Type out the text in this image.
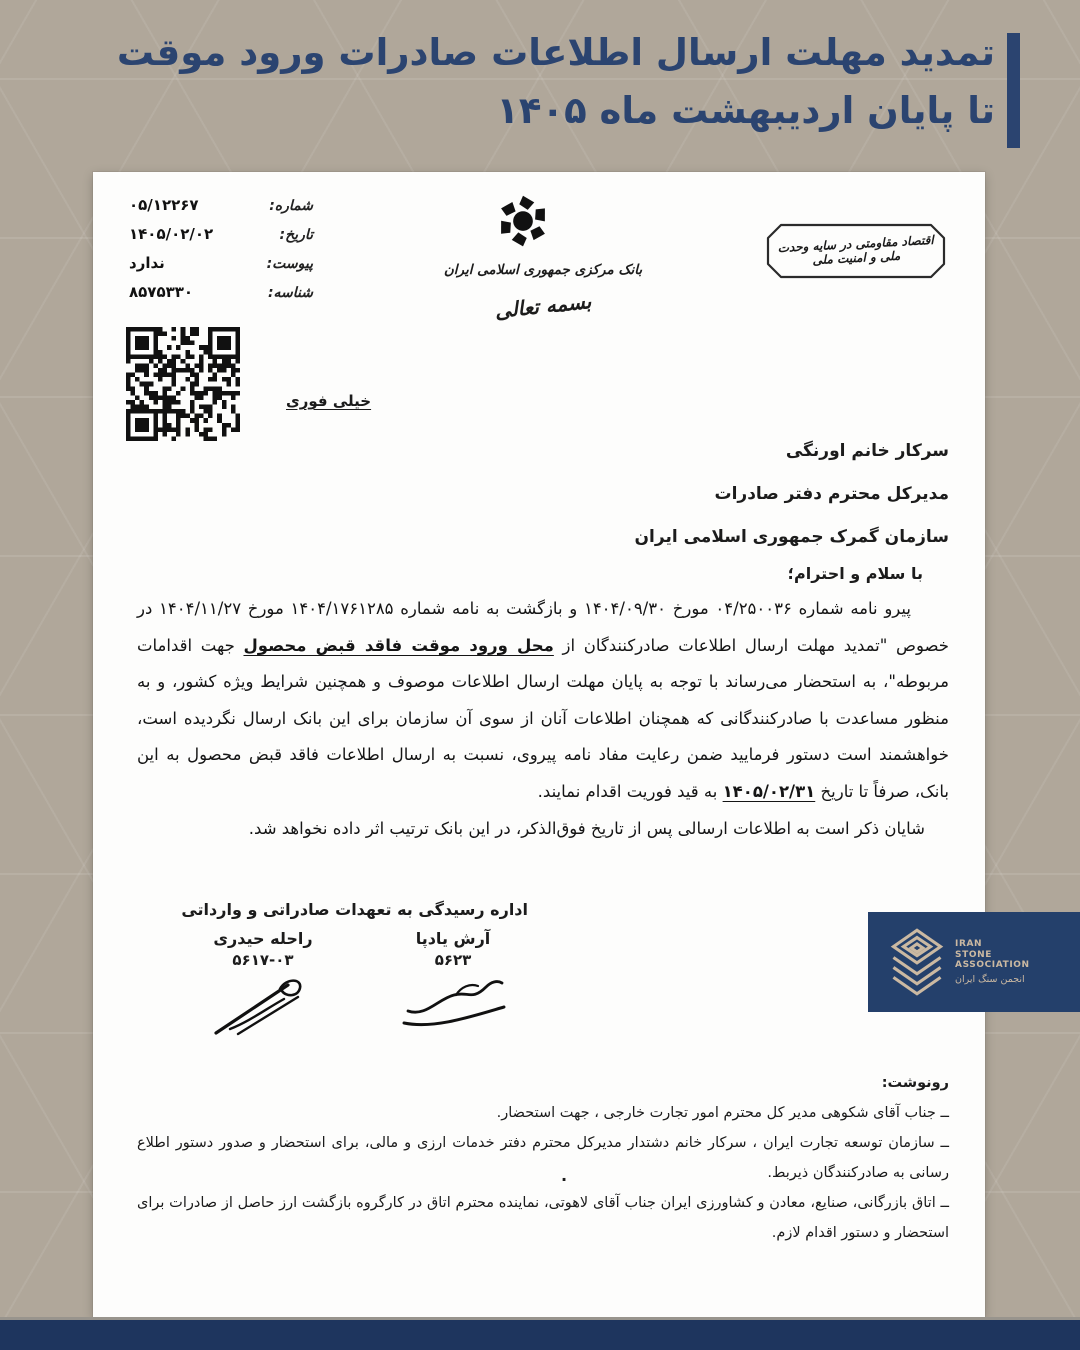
تمدید مهلت ارسال اطلاعات صادرات ورود موقت
تا پایان اردیبهشت ماه ۱۴۰۵
شماره:
۰۵/۱۲۲۶۷
تاریخ:
۱۴۰۵/۰۲/۰۲
پیوست:
ندارد
شناسه:
۸۵۷۵۳۳۰
خیلی فوری
بانک مرکزی جمهوری اسلامی ایران
بسمه تعالی
اقتصاد مقاومتی در سایه وحدت ملی و امنیت ملی
سرکار خانم اورنگی
مدیرکل محترم دفتر صادرات
سازمان گمرک جمهوری اسلامی ایران
با سلام و احترام؛

پیرو نامه شماره ۰۴/۲۵۰۰۳۶ مورخ ۱۴۰۴/۰۹/۳۰ و بازگشت به نامه شماره ۱۴۰۴/۱۷۶۱۲۸۵ مورخ ۱۴۰۴/۱۱/۲۷ در خصوص "تمدید مهلت ارسال اطلاعات صادرکنندگان از محل ورود موقت فاقد قبض محصول جهت اقدامات مربوطه"، به استحضار می‌رساند با توجه به پایان مهلت ارسال اطلاعات موصوف و همچنین شرایط ویژه کشور، و به منظور مساعدت با صادرکنندگانی که همچنان اطلاعات آنان از سوی آن سازمان برای این بانک ارسال نگردیده است، خواهشمند است دستور فرمایید ضمن رعایت مفاد نامه پیروی، نسبت به ارسال اطلاعات فاقد قبض محصول به این بانک، صرفاً تا تاریخ ۱۴۰۵/۰۲/۳۱ به قید فوریت اقدام نمایند.

شایان ذکر است به اطلاعات ارسالی پس از تاریخ فوق‌الذکر، در این بانک ترتیب اثر داده نخواهد شد.

اداره رسیدگی به تعهدات صادراتی و وارداتی
آرش یادپا
۵۶۲۳
راحله حیدری
۵۶۱۷-۰۳
رونوشت:
ــ جناب آقای شکوهی مدیر کل محترم امور تجارت خارجی ، جهت استحضار.
ــ سازمان توسعه تجارت ایران ، سرکار خانم دشتدار مدیرکل محترم دفتر خدمات ارزی و مالی، برای استحضار و صدور دستور اطلاع رسانی به صادرکنندگان ذیربط.
ــ اتاق بازرگانی، صنایع، معادن و کشاورزی ایران جناب آقای لاهوتی، نماینده محترم اتاق در کارگروه بازگشت ارز حاصل از صادرات برای استحضار و دستور اقدام لازم.
.
IRAN
STONE
ASSOCIATION
انجمن سنگ ایران
